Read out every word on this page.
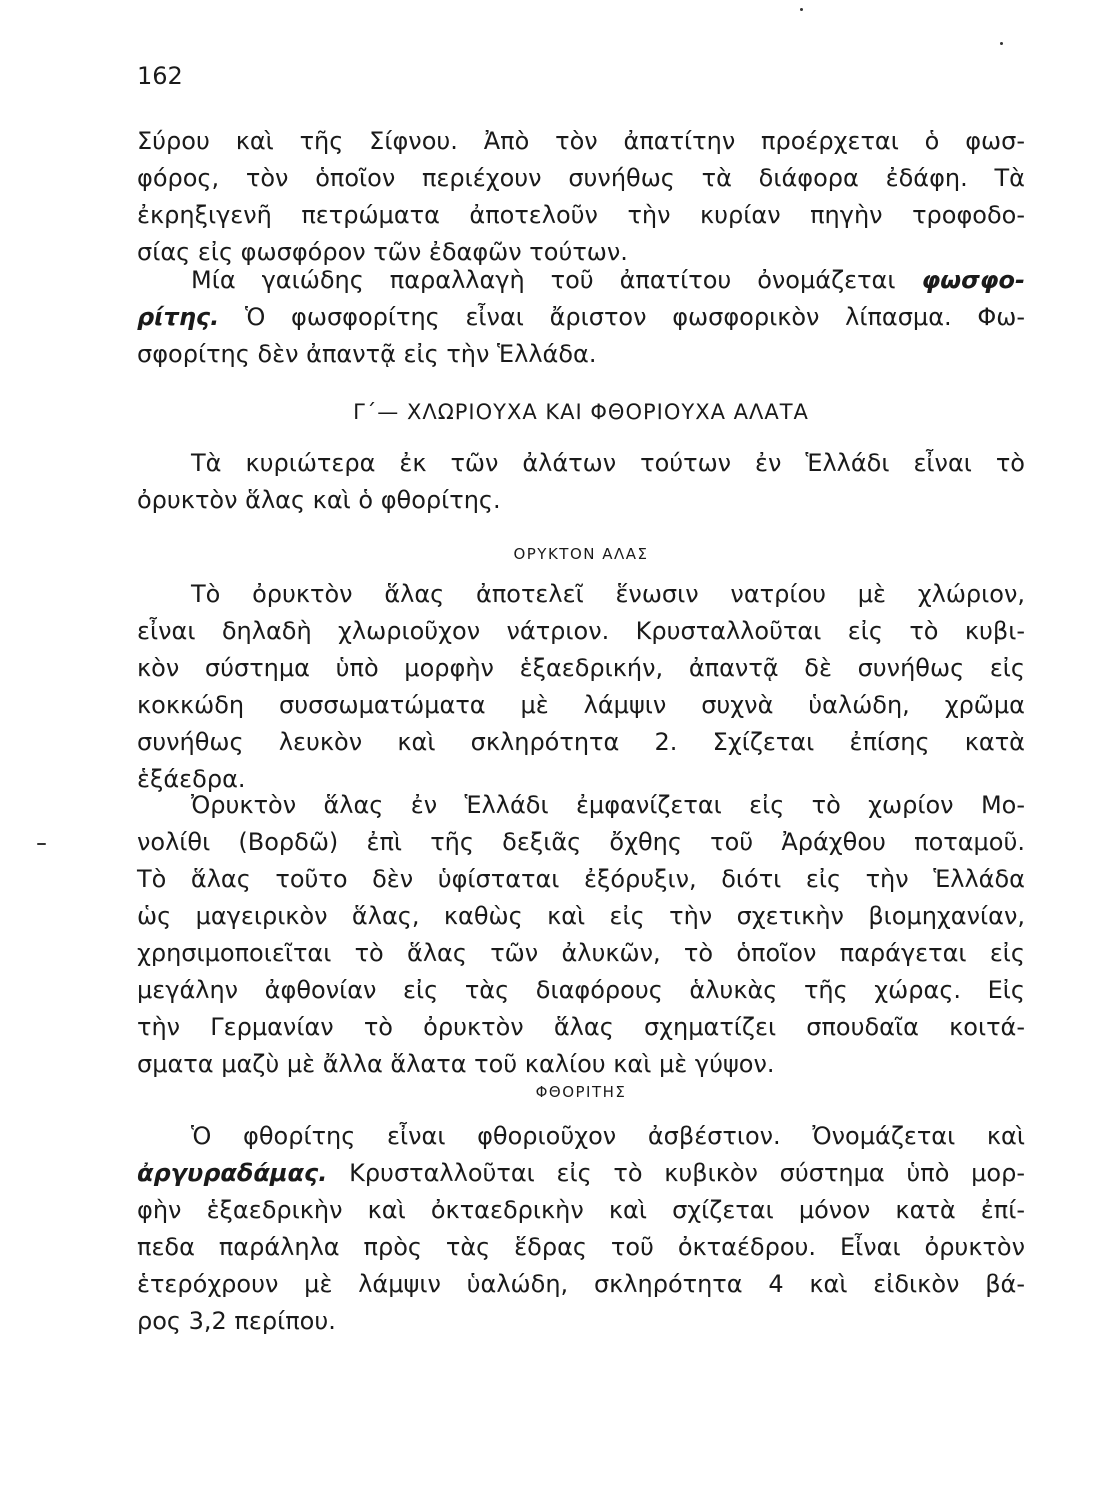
162
Σύρου καὶ τῆς Σίφνου. Ἀπὸ τὸν ἀπατίτην προέρχεται ὁ φωσ-
φόρος, τὸν ὁποῖον περιέχουν συνήθως τὰ διάφορα ἐδάφη. Τὰ
ἐκρηξιγενῆ πετρώματα ἀποτελοῦν τὴν κυρίαν πηγὴν τροφοδο-
σίας εἰς φωσφόρον τῶν ἐδαφῶν τούτων.
Μία γαιώδης παραλλαγὴ τοῦ ἀπατίτου ὀνομάζεται φωσφο-
ρίτης. Ὁ φωσφορίτης εἶναι ἄριστον φωσφορικὸν λίπασμα. Φω-
σφορίτης δὲν ἀπαντᾷ εἰς τὴν Ἑλλάδα.
Γ΄— ΧΛΩΡΙΟΥΧΑ ΚΑΙ ΦΘΟΡΙΟΥΧΑ ΑΛΑΤΑ
Τὰ κυριώτερα ἐκ τῶν ἀλάτων τούτων ἐν Ἑλλάδι εἶναι τὸ
ὀρυκτὸν ἅλας καὶ ὁ φθορίτης.
ΟΡΥΚΤΟΝ ΑΛΑΣ
Τὸ ὀρυκτὸν ἅλας ἀποτελεῖ ἕνωσιν νατρίου μὲ χλώριον,
εἶναι δηλαδὴ χλωριοῦχον νάτριον. Κρυσταλλοῦται εἰς τὸ κυβι-
κὸν σύστημα ὑπὸ μορφὴν ἑξαεδρικήν, ἀπαντᾷ δὲ συνήθως εἰς
κοκκώδη συσσωματώματα μὲ λάμψιν συχνὰ ὑαλώδη, χρῶμα
συνήθως λευκὸν καὶ σκληρότητα 2. Σχίζεται ἐπίσης κατὰ
ἑξάεδρα.
Ὀρυκτὸν ἅλας ἐν Ἑλλάδι ἐμφανίζεται εἰς τὸ χωρίον Μο-
νολίθι (Βορδῶ) ἐπὶ τῆς δεξιᾶς ὄχθης τοῦ Ἀράχθου ποταμοῦ.
Τὸ ἅλας τοῦτο δὲν ὑφίσταται ἐξόρυξιν, διότι εἰς τὴν Ἑλλάδα
ὡς μαγειρικὸν ἅλας, καθὼς καὶ εἰς τὴν σχετικὴν βιομηχανίαν,
χρησιμοποιεῖται τὸ ἅλας τῶν ἀλυκῶν, τὸ ὁποῖον παράγεται εἰς
μεγάλην ἀφθονίαν εἰς τὰς διαφόρους ἁλυκὰς τῆς χώρας. Εἰς
τὴν Γερμανίαν τὸ ὀρυκτὸν ἅλας σχηματίζει σπουδαῖα κοιτά-
σματα μαζὺ μὲ ἄλλα ἅλατα τοῦ καλίου καὶ μὲ γύψον.
ΦΘΟΡΙΤΗΣ
Ὁ φθορίτης εἶναι φθοριοῦχον ἀσβέστιον. Ὀνομάζεται καὶ
ἀργυραδάμας. Κρυσταλλοῦται εἰς τὸ κυβικὸν σύστημα ὑπὸ μορ-
φὴν ἑξαεδρικὴν καὶ ὀκταεδρικὴν καὶ σχίζεται μόνον κατὰ ἐπί-
πεδα παράληλα πρὸς τὰς ἕδρας τοῦ ὀκταέδρου. Εἶναι ὀρυκτὸν
ἑτερόχρουν μὲ λάμψιν ὑαλώδη, σκληρότητα 4 καὶ εἰδικὸν βά-
ρος 3,2 περίπου.
